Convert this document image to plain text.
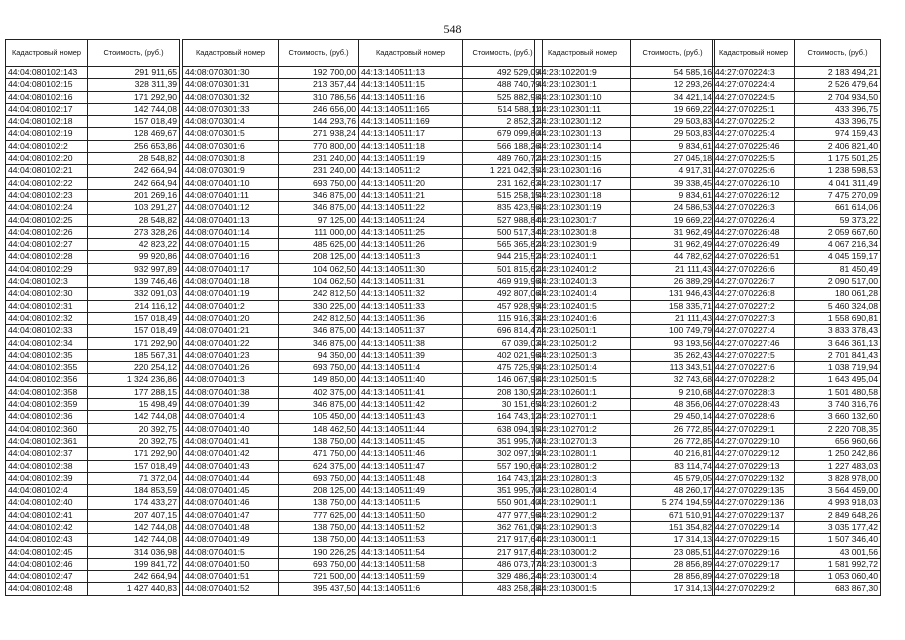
548
Кадастровый номер	Стоимость, (руб.)
44:04:080102:143	291 911,65
44:04:080102:15	328 311,39
44:04:080102:16	171 292,90
44:04:080102:17	142 744,08
44:04:080102:18	157 018,49
44:04:080102:19	128 469,67
44:04:080102:2	256 653,86
44:04:080102:20	28 548,82
44:04:080102:21	242 664,94
44:04:080102:22	242 664,94
44:04:080102:23	201 269,16
44:04:080102:24	103 291,27
44:04:080102:25	28 548,82
44:04:080102:26	273 328,26
44:04:080102:27	42 823,22
44:04:080102:28	99 920,86
44:04:080102:29	932 997,89
44:04:080102:3	139 746,46
44:04:080102:30	332 091,03
44:04:080102:31	214 116,12
44:04:080102:32	157 018,49
44:04:080102:33	157 018,49
44:04:080102:34	171 292,90
44:04:080102:35	185 567,31
44:04:080102:355	220 254,12
44:04:080102:356	1 324 236,86
44:04:080102:358	177 288,15
44:04:080102:359	15 498,49
44:04:080102:36	142 744,08
44:04:080102:360	20 392,75
44:04:080102:361	20 392,75
44:04:080102:37	171 292,90
44:04:080102:38	157 018,49
44:04:080102:39	71 372,04
44:04:080102:4	184 853,59
44:04:080102:40	174 433,27
44:04:080102:41	207 407,15
44:04:080102:42	142 744,08
44:04:080102:43	142 744,08
44:04:080102:45	314 036,98
44:04:080102:46	199 841,72
44:04:080102:47	242 664,94
44:04:080102:48	1 427 440,83
Кадастровый номер	Стоимость, (руб.)
44:08:070301:30	192 700,00
44:08:070301:31	213 357,44
44:08:070301:32	310 786,56
44:08:070301:33	246 656,00
44:08:070301:4	144 293,76
44:08:070301:5	271 938,24
44:08:070301:6	770 800,00
44:08:070301:8	231 240,00
44:08:070301:9	231 240,00
44:08:070401:10	693 750,00
44:08:070401:11	346 875,00
44:08:070401:12	346 875,00
44:08:070401:13	97 125,00
44:08:070401:14	111 000,00
44:08:070401:15	485 625,00
44:08:070401:16	208 125,00
44:08:070401:17	104 062,50
44:08:070401:18	104 062,50
44:08:070401:19	242 812,50
44:08:070401:2	330 225,00
44:08:070401:20	242 812,50
44:08:070401:21	346 875,00
44:08:070401:22	346 875,00
44:08:070401:23	94 350,00
44:08:070401:26	693 750,00
44:08:070401:3	149 850,00
44:08:070401:38	402 375,00
44:08:070401:39	346 875,00
44:08:070401:4	105 450,00
44:08:070401:40	148 462,50
44:08:070401:41	138 750,00
44:08:070401:42	471 750,00
44:08:070401:43	624 375,00
44:08:070401:44	693 750,00
44:08:070401:45	208 125,00
44:08:070401:46	138 750,00
44:08:070401:47	777 625,00
44:08:070401:48	138 750,00
44:08:070401:49	138 750,00
44:08:070401:5	190 226,25
44:08:070401:50	693 750,00
44:08:070401:51	721 500,00
44:08:070401:52	395 437,50
Кадастровый номер	Стоимость, (руб.)
44:13:140511:13	492 529,09
44:13:140511:15	488 740,79
44:13:140511:16	525 882,98
44:13:140511:165	514 588,11
44:13:140511:169	2 852,32
44:13:140511:17	679 099,80
44:13:140511:18	566 188,26
44:13:140511:19	489 760,72
44:13:140511:2	1 221 042,35
44:13:140511:20	231 162,63
44:13:140511:21	515 258,15
44:13:140511:22	835 423,56
44:13:140511:24	527 988,84
44:13:140511:25	500 517,34
44:13:140511:26	565 365,82
44:13:140511:3	944 215,52
44:13:140511:30	501 815,62
44:13:140511:31	469 919,96
44:13:140511:32	492 807,06
44:13:140511:33	457 928,99
44:13:140511:36	115 916,33
44:13:140511:37	696 814,47
44:13:140511:38	67 039,03
44:13:140511:39	402 021,96
44:13:140511:4	475 725,99
44:13:140511:40	146 067,98
44:13:140511:41	208 130,92
44:13:140511:42	30 151,65
44:13:140511:43	164 743,12
44:13:140511:44	638 094,15
44:13:140511:45	351 995,70
44:13:140511:46	302 097,19
44:13:140511:47	557 190,60
44:13:140511:48	164 743,12
44:13:140511:49	351 995,70
44:13:140511:5	550 901,40
44:13:140511:50	477 977,96
44:13:140511:52	362 761,09
44:13:140511:53	217 917,64
44:13:140511:54	217 917,64
44:13:140511:58	486 073,77
44:13:140511:59	329 486,24
44:13:140511:6	483 258,28
Кадастровый номер	Стоимость, (руб.)
44:23:102201:9	54 585,16
44:23:102301:1	12 293,26
44:23:102301:10	34 421,14
44:23:102301:11	19 669,22
44:23:102301:12	29 503,83
44:23:102301:13	29 503,83
44:23:102301:14	9 834,61
44:23:102301:15	27 045,18
44:23:102301:16	4 917,31
44:23:102301:17	39 338,45
44:23:102301:18	9 834,61
44:23:102301:19	24 586,53
44:23:102301:7	19 669,22
44:23:102301:8	31 962,49
44:23:102301:9	31 962,49
44:23:102401:1	44 782,62
44:23:102401:2	21 111,43
44:23:102401:3	26 389,29
44:23:102401:4	131 946,43
44:23:102401:5	158 335,71
44:23:102401:6	21 111,43
44:23:102501:1	100 749,79
44:23:102501:2	93 193,56
44:23:102501:3	35 262,43
44:23:102501:4	113 343,51
44:23:102501:5	32 743,68
44:23:102601:1	9 210,68
44:23:102601:2	48 356,06
44:23:102701:1	29 450,14
44:23:102701:2	26 772,85
44:23:102701:3	26 772,85
44:23:102801:1	40 216,81
44:23:102801:2	83 114,74
44:23:102801:3	45 579,05
44:23:102801:4	48 260,17
44:23:102901:1	5 274 194,59
44:23:102901:2	671 510,91
44:23:102901:3	151 354,82
44:23:103001:1	17 314,13
44:23:103001:2	23 085,51
44:23:103001:3	28 856,89
44:23:103001:4	28 856,89
44:23:103001:5	17 314,13
Кадастровый номер	Стоимость, (руб.)
44:27:070224:3	2 183 494,21
44:27:070224:4	2 526 479,64
44:27:070224:5	2 704 934,50
44:27:070225:1	433 396,75
44:27:070225:2	433 396,75
44:27:070225:4	974 159,43
44:27:070225:46	2 406 821,40
44:27:070225:5	1 175 501,25
44:27:070225:6	1 238 598,53
44:27:070226:10	4 041 311,49
44:27:070226:12	7 475 270,09
44:27:070226:3	661 614,06
44:27:070226:4	59 373,22
44:27:070226:48	2 059 667,60
44:27:070226:49	4 067 216,34
44:27:070226:51	4 045 159,17
44:27:070226:6	81 450,49
44:27:070226:7	2 090 517,00
44:27:070226:8	180 061,28
44:27:070227:2	5 460 324,08
44:27:070227:3	1 558 690,81
44:27:070227:4	3 833 378,43
44:27:070227:46	3 646 361,13
44:27:070227:5	2 701 841,43
44:27:070227:6	1 038 719,94
44:27:070228:2	1 643 495,04
44:27:070228:3	1 501 480,58
44:27:070228:43	3 740 316,76
44:27:070228:6	3 660 132,60
44:27:070229:1	2 220 708,35
44:27:070229:10	656 960,66
44:27:070229:12	1 250 242,86
44:27:070229:13	1 227 483,03
44:27:070229:132	3 828 978,00
44:27:070229:135	3 564 459,00
44:27:070229:136	4 993 918,03
44:27:070229:137	2 849 648,26
44:27:070229:14	3 035 177,42
44:27:070229:15	1 507 346,40
44:27:070229:16	43 001,56
44:27:070229:17	1 581 992,72
44:27:070229:18	1 053 060,40
44:27:070229:2	683 867,30
